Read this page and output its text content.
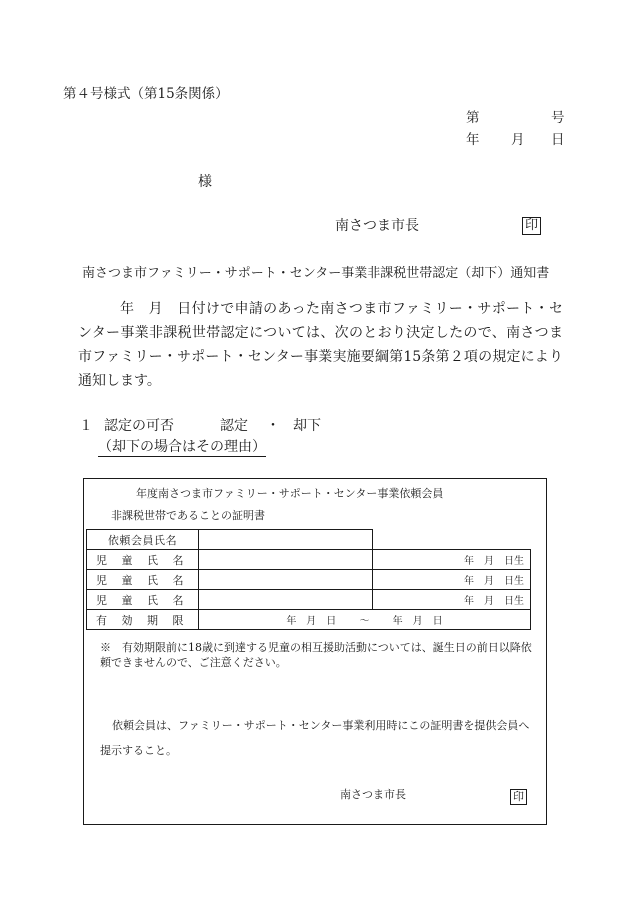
第４号様式（第15条関係）
第	号
年 月 日
様
南さつま市長	印
南さつま市ファミリー・サポート・センター事業非課税世帯認定（却下）通知書
年　月　日付けで申請のあった南さつま市ファミリー・サポート・センター事業非課税世帯認定については、次のとおり決定したので、南さつま市ファミリー・サポート・センター事業実施要綱第15条第２項の規定により通知します。
１ 認定の可否	認定 ・ 却下
（却下の場合はその理由）
年度南さつま市ファミリー・サポート・センター事業依頼会員
非課税世帯であることの証明書
依頼会員氏名		
児 童 氏 名		年　月　日生
児 童 氏 名		年　月　日生
児 童 氏 名		年　月　日生
有 効 期 限	年　月　日　 ～　 年　月　日	
※　有効期限前に18歳に到達する児童の相互援助活動については、誕生日の前日以降依頼できませんので、ご注意ください。
依頼会員は、ファミリー・サポート・センター事業利用時にこの証明書を提供会員へ提示すること。
南さつま市長	印
